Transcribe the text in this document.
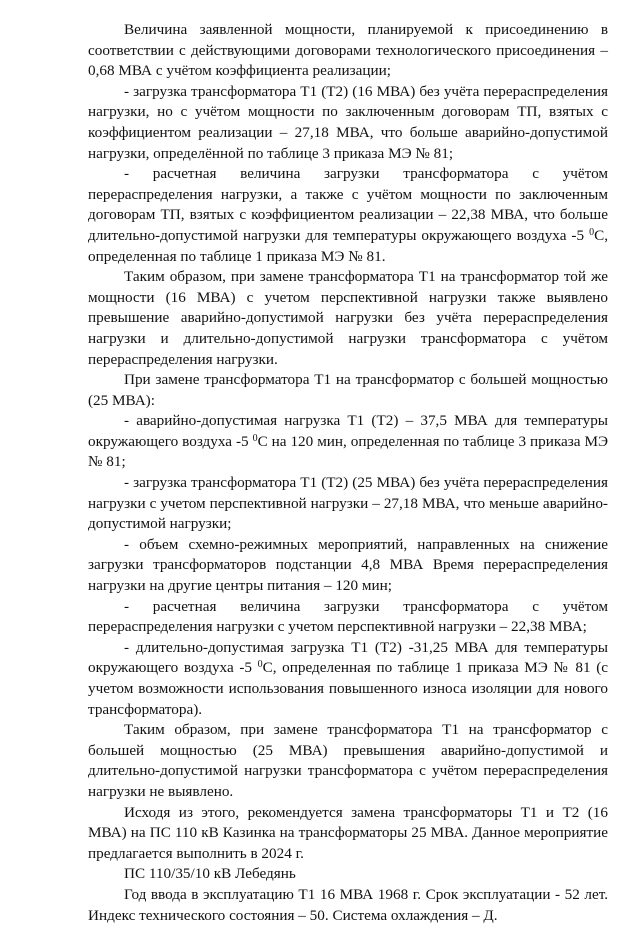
Величина заявленной мощности, планируемой к присоединению в соответствии с действующими договорами технологического присоединения – 0,68 МВА с учётом коэффициента реализации;

- загрузка трансформатора Т1 (Т2) (16 МВА) без учёта перераспределения нагрузки, но с учётом мощности по заключенным договорам ТП, взятых с коэффициентом реализации – 27,18 МВА, что больше аварийно-допустимой нагрузки, определённой по таблице 3 приказа МЭ № 81;

- расчетная величина загрузки трансформатора с учётом перераспределения нагрузки, а также с учётом мощности по заключенным договорам ТП, взятых с коэффициентом реализации – 22,38 МВА, что больше длительно-допустимой нагрузки для температуры окружающего воздуха -5 $^0$С, определенная по таблице 1 приказа МЭ № 81.

Таким образом, при замене трансформатора Т1 на трансформатор той же мощности (16 МВА) с учетом перспективной нагрузки также выявлено превышение аварийно-допустимой нагрузки без учёта перераспределения нагрузки и длительно-допустимой нагрузки трансформатора с учётом перераспределения нагрузки.

При замене трансформатора Т1 на трансформатор с большей мощностью (25 МВА):

- аварийно-допустимая нагрузка Т1 (Т2) – 37,5 МВА для температуры окружающего воздуха -5 $^0$С на 120 мин, определенная по таблице 3 приказа МЭ № 81;

- загрузка трансформатора Т1 (Т2) (25 МВА) без учёта перераспределения нагрузки с учетом перспективной нагрузки – 27,18 МВА, что меньше аварийно-допустимой нагрузки;

- объем схемно-режимных мероприятий, направленных на снижение загрузки трансформаторов подстанции 4,8 МВА Время перераспределения нагрузки на другие центры питания – 120 мин;

- расчетная величина загрузки трансформатора с учётом перераспределения нагрузки с учетом перспективной нагрузки – 22,38 МВА;

- длительно-допустимая загрузка Т1 (Т2) -31,25 МВА для температуры окружающего воздуха -5 $^0$С, определенная по таблице 1 приказа МЭ № 81 (с учетом возможности использования повышенного износа изоляции для нового трансформатора).

Таким образом, при замене трансформатора Т1 на трансформатор с большей мощностью (25 МВА) превышения аварийно-допустимой и длительно-допустимой нагрузки трансформатора с учётом перераспределения нагрузки не выявлено.

Исходя из этого, рекомендуется замена трансформаторы Т1 и Т2 (16 МВА) на ПС 110 кВ Казинка на трансформаторы 25 МВА. Данное мероприятие предлагается выполнить в 2024 г.

ПС 110/35/10 кВ Лебедянь

Год ввода в эксплуатацию Т1 16 МВА 1968 г. Срок эксплуатации - 52 лет. Индекс технического состояния – 50. Система охлаждения – Д.
